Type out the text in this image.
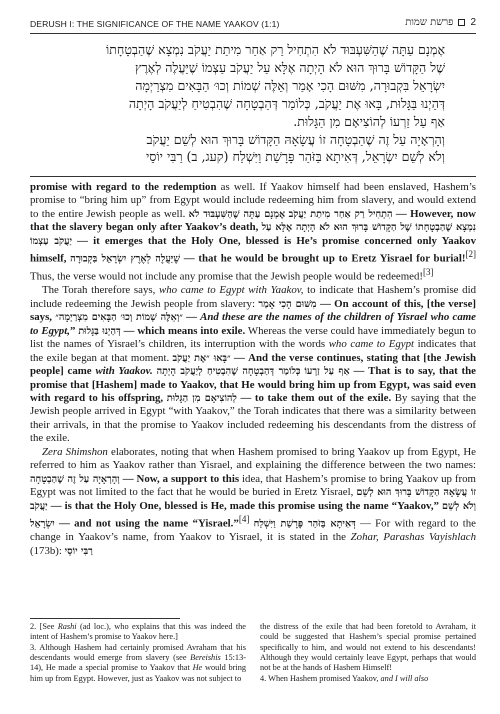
DERUSH I: THE SIGNIFICANCE OF THE NAME YAAKOV (1:1)	פרשת שמות 2

אֶמְנָם עַתָּה שֶׁהַשִּׁעְבּוּד לֹא הִתְחִיל רַק אַחַר מִיתַת יַעֲקֹב נִמְצָא שֶׁהַבְטָחָתוֹ

שֶׁל הַקָּדוֹשׁ בָּרוּךְ הוּא לֹא הָיְתָה אֶלָּא עַל יַעֲקֹב עַצְמוֹ שֶׁיַּעֲלֶה לְאֶרֶץ

יִשְׂרָאֵל בִּקְבוּרָה, מִשּׁוּם הָכִי אָמַר וְאֵלֶּה שְׁמוֹת וְכוּ׳ הַבָּאִים מִצְרַיְמָה

דְּהַיְנוּ בַּגָּלוּת, בָּאוּ אֶת יַעֲקֹב, כְּלוֹמַר דְּהַבְטָחָה שֶׁהִבְטִיחַ לְיַעֲקֹב הָיְתָה

אַף עַל זַרְעוֹ לְהוֹצִיאָם מִן הַגָּלוּת.

וְהָרְאָיָה עַל זֶה שֶׁהַבְטָחָה זוֹ עֲשָׂאָהּ הַקָּדוֹשׁ בָּרוּךְ הוּא לְשֵׁם יַעֲקֹב

וְלֹא לְשֵׁם יִשְׂרָאֵל, דְּאִיתָא בַּזֹּהַר פָּרָשַׁת וַיִּשְׁלַח (קעג, ב) רַבִּי יוֹסֵי

promise with regard to the redemption as well. If Yaakov himself had been enslaved, Hashem’s promise to “bring him up” from Egypt would include redeeming him from slavery, and would extend to the entire Jewish people as well. אֶמְנָם עַתָּה שֶׁהַשִּׁעְבּוּד לֹא הִתְחִיל רַק אַחַר מִיתַת יַעֲקֹב — However, now that the slavery began only after Yaakov’s death, נִמְצָא שֶׁהַבְטָחָתוֹ שֶׁל הַקָּדוֹשׁ בָּרוּךְ הוּא לֹא הָיְתָה אֶלָּא עַל יַעֲקֹב עַצְמוֹ — it emerges that the Holy One, blessed is He’s promise concerned only Yaakov himself, שֶׁיַּעֲלֶה לְאֶרֶץ יִשְׂרָאֵל בִּקְבוּרָה — that he would be brought up to Eretz Yisrael for burial![2] Thus, the verse would not include any promise that the Jewish people would be redeemed![3]

The Torah therefore says, who came to Egypt with Yaakov, to indicate that Hashem’s promise did include redeeming the Jewish people from slavery: מִשּׁוּם הָכִי אָמַר — On account of this, [the verse] says, ״וְאֵלֶּה שְׁמוֹת וְכוּ׳ הַבָּאִים מִצְרַיְמָה״ — And these are the names of the children of Yisrael who came to Egypt,” דְּהַיְנוּ בַּגָּלוּת — which means into exile. Whereas the verse could have immediately begun to list the names of Yisrael’s children, its interruption with the words who came to Egypt indicates that the exile began at that moment. ״בָּאוּ ״אֶת יַעֲקֹב — And the verse continues, stating that [the Jewish people] came with Yaakov. כְּלוֹמַר דְּהַבְטָחָה שֶׁהִבְטִיחַ לְיַעֲקֹב הָיְתָה אַף עַל זַרְעוֹ — That is to say, that the promise that [Hashem] made to Yaakov, that He would bring him up from Egypt, was said even with regard to his offspring, לְהוֹצִיאָם מִן הַגָּלוּת — to take them out of the exile. By saying that the Jewish people arrived in Egypt “with Yaakov,” the Torah indicates that there was a similarity between their arrivals, in that the promise to Yaakov included redeeming his descendants from the distress of the exile.

Zera Shimshon elaborates, noting that when Hashem promised to bring Yaakov up from Egypt, He referred to him as Yaakov rather than Yisrael, and explaining the difference between the two names: וְהָרְאָיָה עַל זֶה שֶׁהַבְטָחָה — Now, a support to this idea, that Hashem’s promise to bring Yaakov up from Egypt was not limited to the fact that he would be buried in Eretz Yisrael, זוֹ עֲשָׂאָהּ הַקָּדוֹשׁ בָּרוּךְ הוּא לְשֵׁם יַעֲקֹב — is that the Holy One, blessed is He, made this promise using the name “Yaakov,” וְלֹא לְשֵׁם יִשְׂרָאֵל — and not using the name “Yisrael.”[4] דְּאִיתָא בַּזֹּהַר פָּרָשַׁת וַיִּשְׁלַח — For with regard to the change in Yaakov’s name, from Yaakov to Yisrael, it is stated in the Zohar, Parashas Vayishlach (173b): רַבִּי יוֹסֵי

2. [See Rashi (ad loc.), who explains that this was indeed the intent of Hashem’s promise to Yaakov here.]

3. Although Hashem had certainly promised Avraham that his descendants would emerge from slavery (see Bereishis 15:13-14), He made a special promise to Yaakov that He would bring him up from Egypt. However, just as Yaakov was not subject to

the distress of the exile that had been foretold to Avraham, it could be suggested that Hashem’s special promise pertained specifically to him, and would not extend to his descendants! Although they would certainly leave Egypt, perhaps that would not be at the hands of Hashem Himself!

4. When Hashem promised Yaakov, and I will also
